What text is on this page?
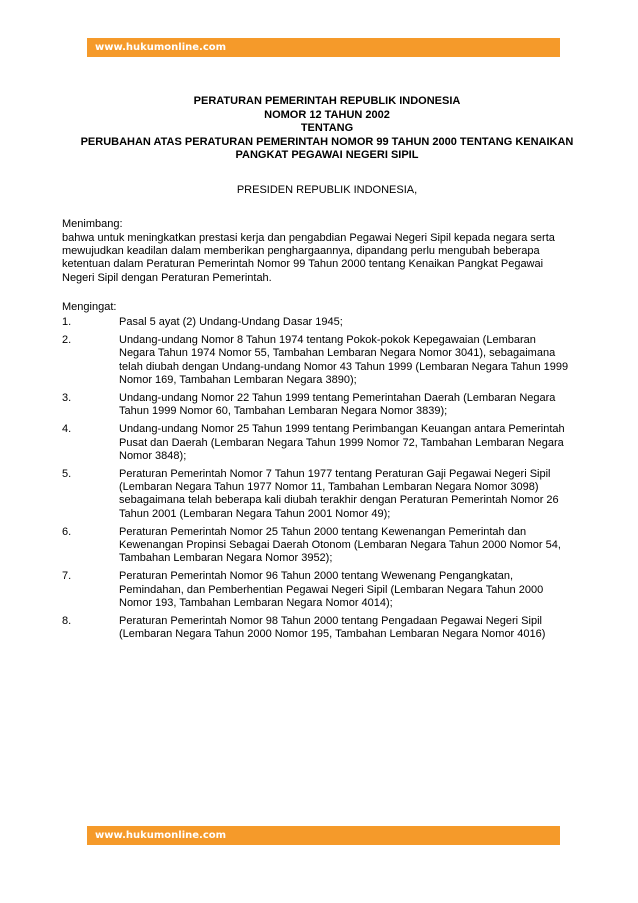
www.hukumonline.com
PERATURAN PEMERINTAH REPUBLIK INDONESIA
NOMOR 12 TAHUN 2002
TENTANG
PERUBAHAN ATAS PERATURAN PEMERINTAH NOMOR 99 TAHUN 2000 TENTANG KENAIKAN PANGKAT PEGAWAI NEGERI SIPIL
PRESIDEN REPUBLIK INDONESIA,
Menimbang:
bahwa untuk meningkatkan prestasi kerja dan pengabdian Pegawai Negeri Sipil kepada negara serta mewujudkan keadilan dalam memberikan penghargaannya, dipandang perlu mengubah beberapa ketentuan dalam Peraturan Pemerintah Nomor 99 Tahun 2000 tentang Kenaikan Pangkat Pegawai Negeri Sipil dengan Peraturan Pemerintah.
Mengingat:
1.	Pasal 5 ayat (2) Undang-Undang Dasar 1945;
2.	Undang-undang Nomor 8 Tahun 1974 tentang Pokok-pokok Kepegawaian (Lembaran Negara Tahun 1974 Nomor 55, Tambahan Lembaran Negara Nomor 3041), sebagaimana telah diubah dengan Undang-undang Nomor 43 Tahun 1999 (Lembaran Negara Tahun 1999 Nomor 169, Tambahan Lembaran Negara 3890);
3.	Undang-undang Nomor 22 Tahun 1999 tentang Pemerintahan Daerah (Lembaran Negara Tahun 1999 Nomor 60, Tambahan Lembaran Negara Nomor 3839);
4.	Undang-undang Nomor 25 Tahun 1999 tentang Perimbangan Keuangan antara Pemerintah Pusat dan Daerah (Lembaran Negara Tahun 1999 Nomor 72, Tambahan Lembaran Negara Nomor 3848);
5.	Peraturan Pemerintah Nomor 7 Tahun 1977 tentang Peraturan Gaji Pegawai Negeri Sipil (Lembaran Negara Tahun 1977 Nomor 11, Tambahan Lembaran Negara Nomor 3098) sebagaimana telah beberapa kali diubah terakhir dengan Peraturan Pemerintah Nomor 26 Tahun 2001 (Lembaran Negara Tahun 2001 Nomor 49);
6.	Peraturan Pemerintah Nomor 25 Tahun 2000 tentang Kewenangan Pemerintah dan Kewenangan Propinsi Sebagai Daerah Otonom (Lembaran Negara Tahun 2000 Nomor 54, Tambahan Lembaran Negara Nomor 3952);
7.	Peraturan Pemerintah Nomor 96 Tahun 2000 tentang Wewenang Pengangkatan, Pemindahan, dan Pemberhentian Pegawai Negeri Sipil (Lembaran Negara Tahun 2000 Nomor 193, Tambahan Lembaran Negara Nomor 4014);
8.	Peraturan Pemerintah Nomor 98 Tahun 2000 tentang Pengadaan Pegawai Negeri Sipil (Lembaran Negara Tahun 2000 Nomor 195, Tambahan Lembaran Negara Nomor 4016)
www.hukumonline.com
